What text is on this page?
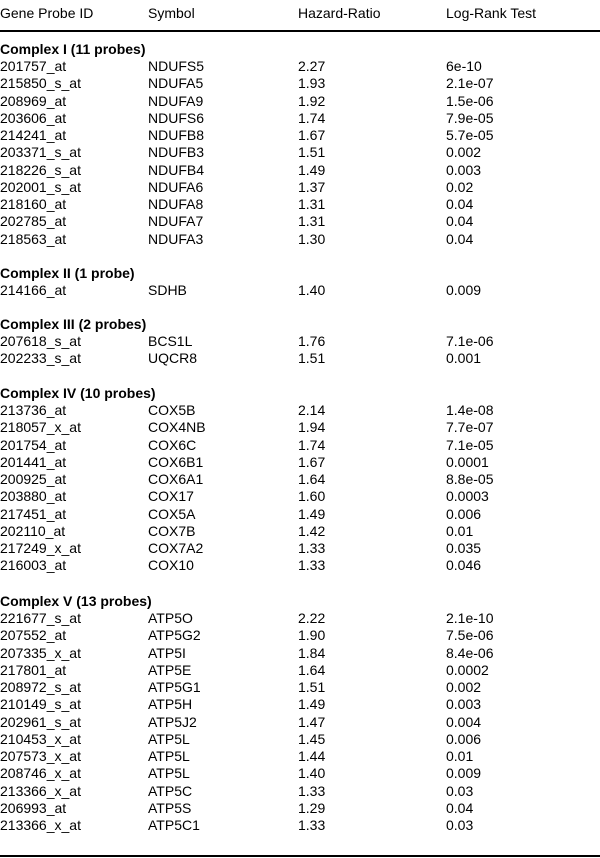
Gene Probe ID	Symbol	Hazard-Ratio	Log-Rank Test
Complex I (11 probes)
201757_at	NDUFS5	2.27	6e-10
215850_s_at	NDUFA5	1.93	2.1e-07
208969_at	NDUFA9	1.92	1.5e-06
203606_at	NDUFS6	1.74	7.9e-05
214241_at	NDUFB8	1.67	5.7e-05
203371_s_at	NDUFB3	1.51	0.002
218226_s_at	NDUFB4	1.49	0.003
202001_s_at	NDUFA6	1.37	0.02
218160_at	NDUFA8	1.31	0.04
202785_at	NDUFA7	1.31	0.04
218563_at	NDUFA3	1.30	0.04
Complex II (1 probe)
214166_at	SDHB	1.40	0.009
Complex III (2 probes)
207618_s_at	BCS1L	1.76	7.1e-06
202233_s_at	UQCR8	1.51	0.001
Complex IV (10 probes)
213736_at	COX5B	2.14	1.4e-08
218057_x_at	COX4NB	1.94	7.7e-07
201754_at	COX6C	1.74	7.1e-05
201441_at	COX6B1	1.67	0.0001
200925_at	COX6A1	1.64	8.8e-05
203880_at	COX17	1.60	0.0003
217451_at	COX5A	1.49	0.006
202110_at	COX7B	1.42	0.01
217249_x_at	COX7A2	1.33	0.035
216003_at	COX10	1.33	0.046
Complex V (13 probes)
221677_s_at	ATP5O	2.22	2.1e-10
207552_at	ATP5G2	1.90	7.5e-06
207335_x_at	ATP5I	1.84	8.4e-06
217801_at	ATP5E	1.64	0.0002
208972_s_at	ATP5G1	1.51	0.002
210149_s_at	ATP5H	1.49	0.003
202961_s_at	ATP5J2	1.47	0.004
210453_x_at	ATP5L	1.45	0.006
207573_x_at	ATP5L	1.44	0.01
208746_x_at	ATP5L	1.40	0.009
213366_x_at	ATP5C	1.33	0.03
206993_at	ATP5S	1.29	0.04
213366_x_at	ATP5C1	1.33	0.03
